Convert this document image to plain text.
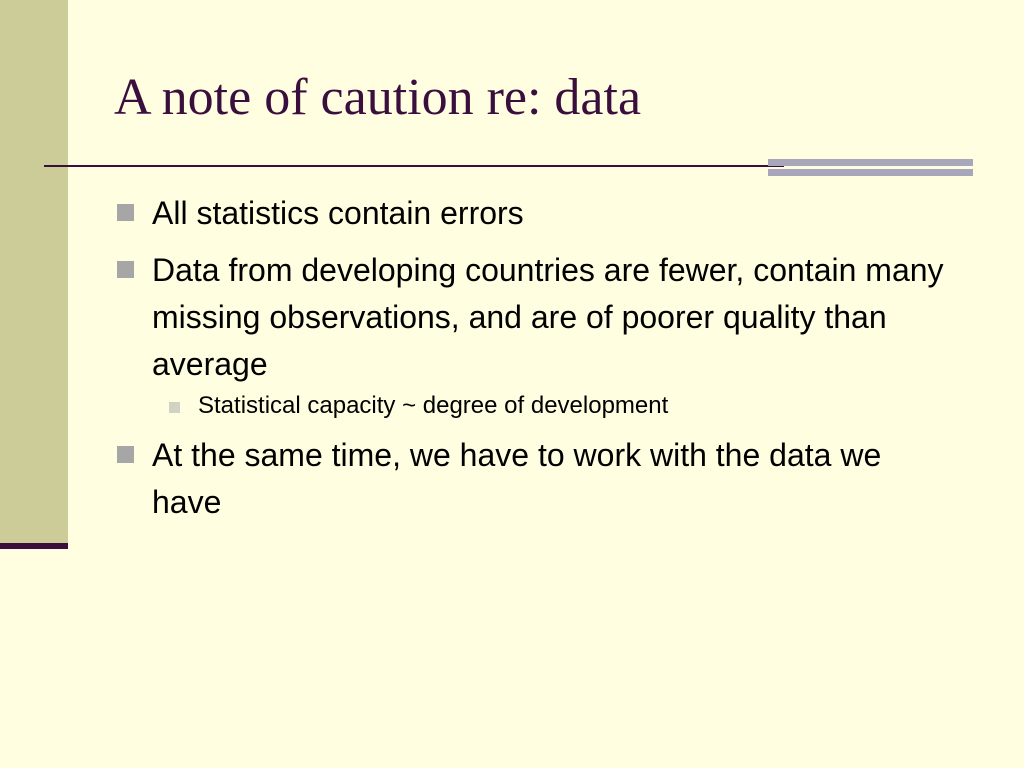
A note of caution re: data
All statistics contain errors
Data from developing countries are fewer, contain many missing observations, and are of poorer quality than average
Statistical capacity ~ degree of development
At the same time, we have to work with the data we have
